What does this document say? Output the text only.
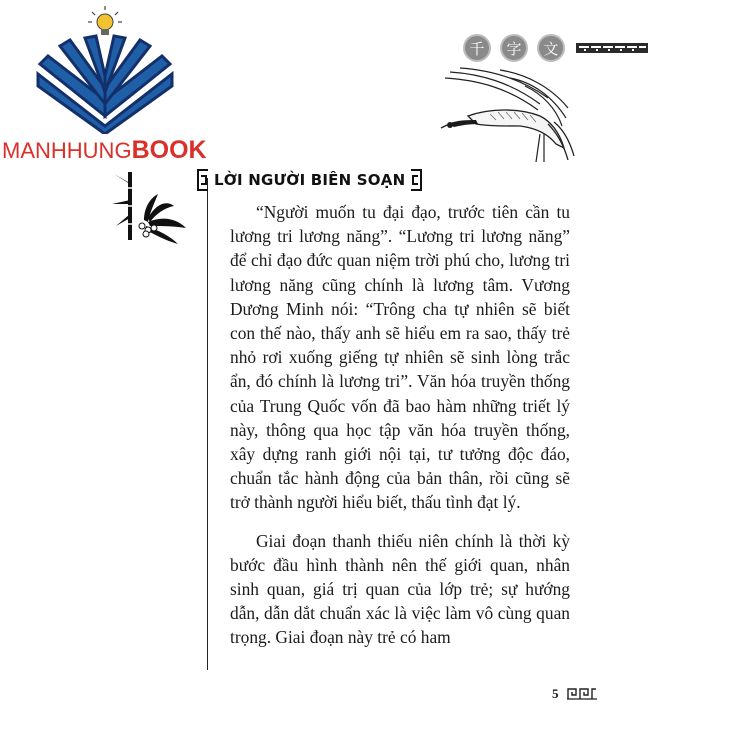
MANHHUNGBOOK
千	字	文
LỜI NGƯỜI BIÊN SOẠN

“Người muốn tu đại đạo, trước tiên cần tu lương tri lương năng”. “Lương tri lương năng” để chỉ đạo đức quan niệm trời phú cho, lương tri lương năng cũng chính là lương tâm. Vương Dương Minh nói: “Trông cha tự nhiên sẽ biết con thế nào, thấy anh sẽ hiểu em ra sao, thấy trẻ nhỏ rơi xuống giếng tự nhiên sẽ sinh lòng trắc ẩn, đó chính là lương tri”. Văn hóa truyền thống của Trung Quốc vốn đã bao hàm những triết lý này, thông qua học tập văn hóa truyền thống, xây dựng ranh giới nội tại, tư tưởng độc đáo, chuẩn tắc hành động của bản thân, rồi cũng sẽ trở thành người hiểu biết, thấu tình đạt lý.

Giai đoạn thanh thiếu niên chính là thời kỳ bước đầu hình thành nên thế giới quan, nhân sinh quan, giá trị quan của lớp trẻ; sự hướng dẫn, dẫn dắt chuẩn xác là việc làm vô cùng quan trọng. Giai đoạn này trẻ có ham

5
